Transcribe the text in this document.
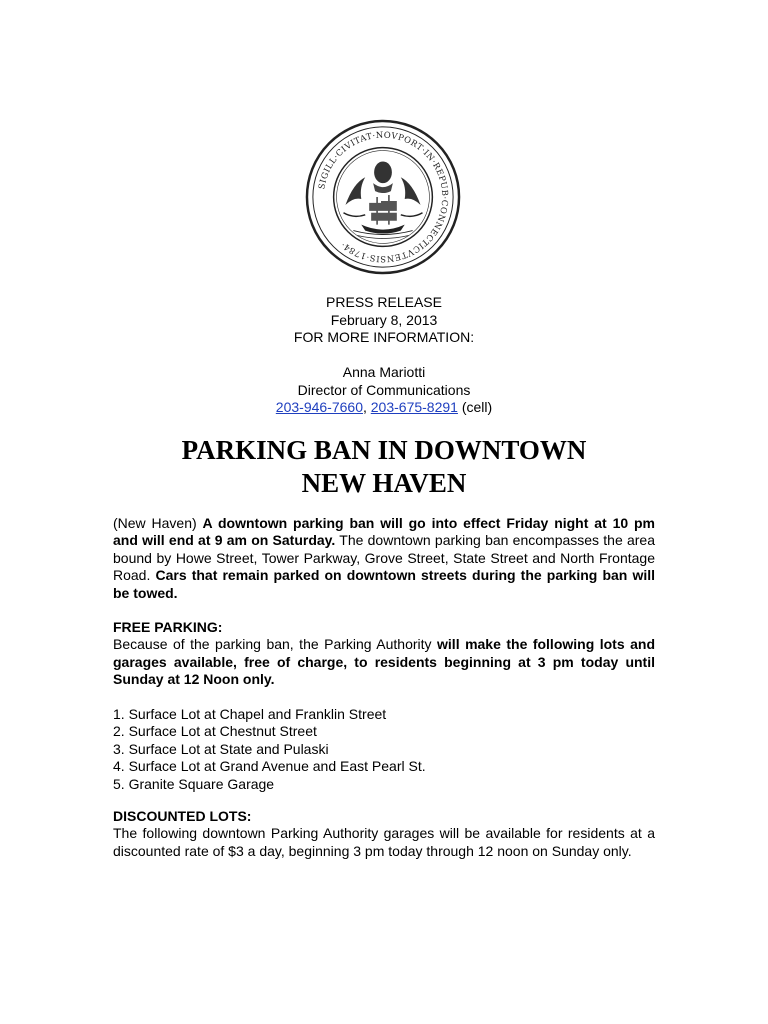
SIGILL·CIVITAT·NOVPORT·IN·REPUB·CONNECTICVTENSIS·1784·
PRESS RELEASE
February 8, 2013
FOR MORE INFORMATION:
Anna Mariotti
Director of Communications
203-946-7660, 203-675-8291 (cell)
PARKING BAN IN DOWNTOWN
NEW HAVEN
(New Haven) A downtown parking ban will go into effect Friday night at 10 pm and will end at 9 am on Saturday. The downtown parking ban encompasses the area bound by Howe Street, Tower Parkway, Grove Street, State Street and North Frontage Road. Cars that remain parked on downtown streets during the parking ban will be towed.
FREE PARKING:
Because of the parking ban, the Parking Authority will make the following lots and garages available, free of charge, to residents beginning at 3 pm today until Sunday at 12 Noon only.
1. Surface Lot at Chapel and Franklin Street
2. Surface Lot at Chestnut Street
3. Surface Lot at State and Pulaski
4. Surface Lot at Grand Avenue and East Pearl St.
5. Granite Square Garage
DISCOUNTED LOTS:
The following downtown Parking Authority garages will be available for residents at a discounted rate of $3 a day, beginning 3 pm today through 12 noon on Sunday only.
